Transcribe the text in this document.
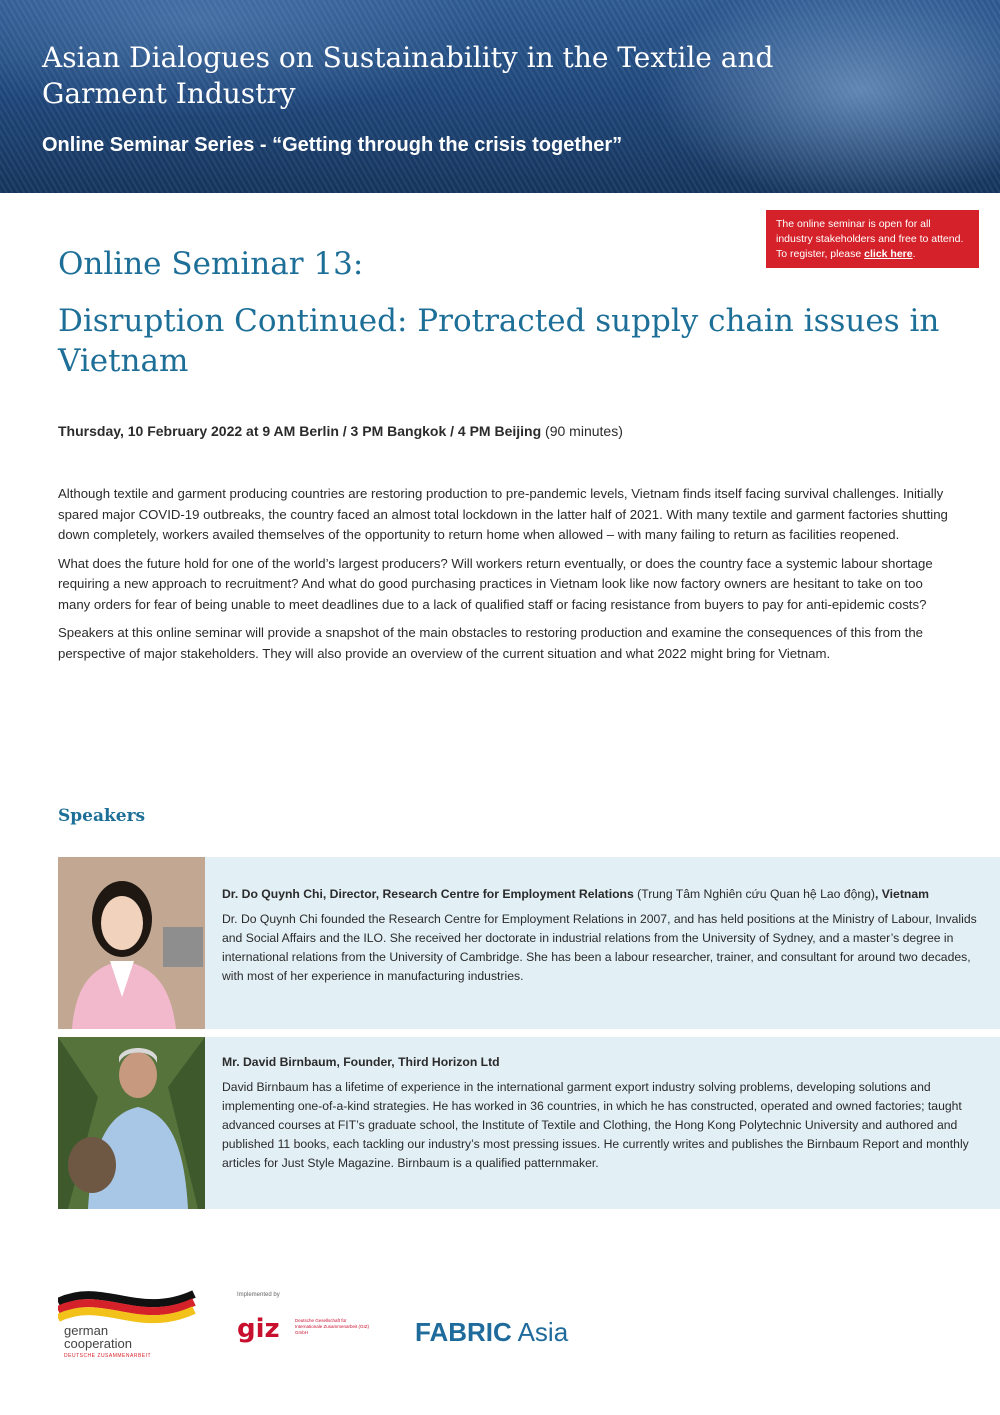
Asian Dialogues on Sustainability in the Textile and Garment Industry

Online Seminar Series - “Getting through the crisis together”

The online seminar is open for all industry stakeholders and free to attend. To register, please click here.
Online Seminar 13:
Disruption Continued: Protracted supply chain issues in Vietnam
Thursday, 10 February 2022 at 9 AM Berlin / 3 PM Bangkok / 4 PM Beijing (90 minutes)

Although textile and garment producing countries are restoring production to pre-pandemic levels, Vietnam finds itself facing survival challenges. Initially spared major COVID-19 outbreaks, the country faced an almost total lockdown in the latter half of 2021. With many textile and garment factories shutting down completely, workers availed themselves of the opportunity to return home when allowed – with many failing to return as facilities reopened.

What does the future hold for one of the world’s largest producers? Will workers return eventually, or does the country face a systemic labour shortage requiring a new approach to recruitment? And what do good purchasing practices in Vietnam look like now factory owners are hesitant to take on too many orders for fear of being unable to meet deadlines due to a lack of qualified staff or facing resistance from buyers to pay for anti-epidemic costs?

Speakers at this online seminar will provide a snapshot of the main obstacles to restoring production and examine the consequences of this from the perspective of major stakeholders. They will also provide an overview of the current situation and what 2022 might bring for Vietnam.

Speakers

Dr. Do Quynh Chi, Director, Research Centre for Employment Relations (Trung Tâm Nghiên cứu Quan hệ Lao động), Vietnam

Dr. Do Quynh Chi founded the Research Centre for Employment Relations in 2007, and has held positions at the Ministry of Labour, Invalids and Social Affairs and the ILO. She received her doctorate in industrial relations from the University of Sydney, and a master’s degree in international relations from the University of Cambridge. She has been a labour researcher, trainer, and consultant for around two decades, with most of her experience in manufacturing industries.

Mr. David Birnbaum, Founder, Third Horizon Ltd

David Birnbaum has a lifetime of experience in the international garment export industry solving problems, developing solutions and implementing one-of-a-kind strategies. He has worked in 36 countries, in which he has constructed, operated and owned factories; taught advanced courses at FIT’s graduate school, the Institute of Textile and Clothing, the Hong Kong Polytechnic University and authored and published 11 books, each tackling our industry’s most pressing issues. He currently writes and publishes the Birnbaum Report and monthly articles for Just Style Magazine. Birnbaum is a qualified patternmaker.

german
cooperation
DEUTSCHE ZUSAMMENARBEIT
Implemented by
giz	Deutsche Gesellschaft für Internationale Zusammenarbeit (GIZ) GmbH	FABRIC Asia
